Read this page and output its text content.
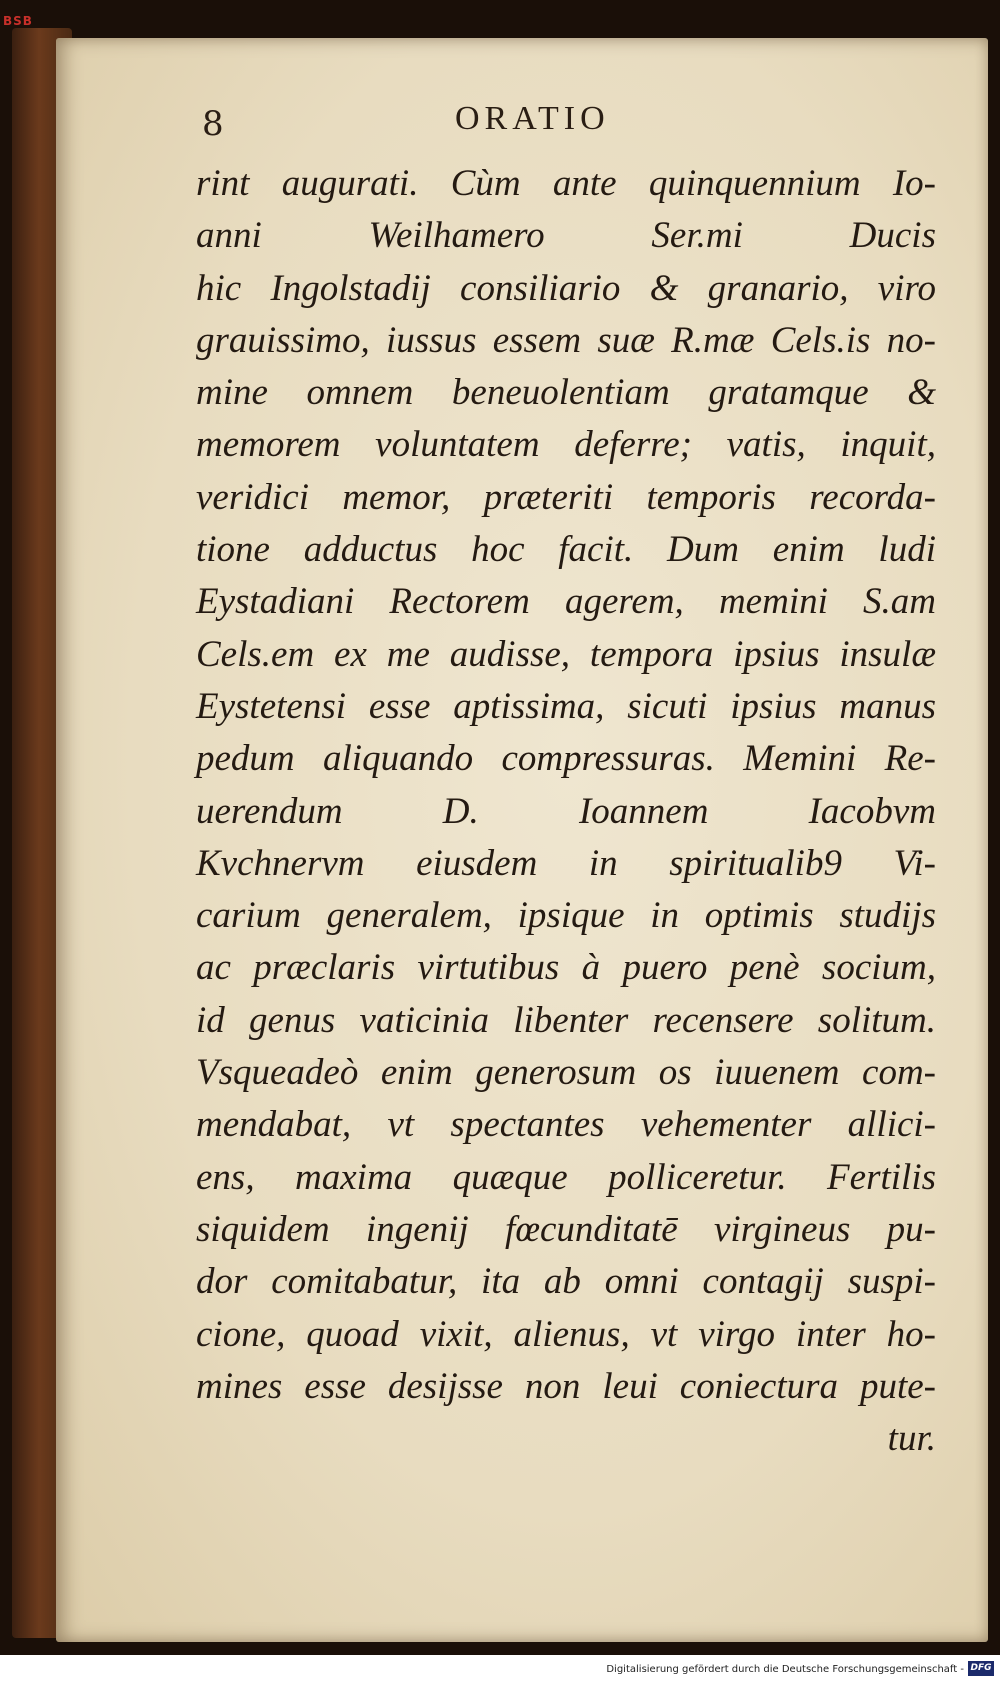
BSB
8	ORATIO
rint augurati. Cùm ante quinquennium Io-
anni Weilhamero Ser.mi Ducis
hic Ingolstadij consiliario & granario, viro
grauissimo, iussus essem suæ R.mæ Cels.is no-
mine omnem beneuolentiam gratamque &
memorem voluntatem deferre; vatis, inquit,
veridici memor, præteriti temporis recorda-
tione adductus hoc facit. Dum enim ludi
Eystadiani Rectorem agerem, memini S.am
Cels.em ex me audisse, tempora ipsius insulæ
Eystetensi esse aptissima, sicuti ipsius manus
pedum aliquando compressuras. Memini Re-
uerendum D. Ioannem Iacobvm
Kvchnervm eiusdem in spiritualib9 Vi-
carium generalem, ipsique in optimis studijs
ac præclaris virtutibus à puero penè socium,
id genus vaticinia libenter recensere solitum.
Vsqueadeò enim generosum os iuuenem com-
mendabat, vt spectantes vehementer allici-
ens, maxima quæque polliceretur. Fertilis
siquidem ingenij fœcunditatē virgineus pu-
dor comitabatur, ita ab omni contagij suspi-
cione, quoad vixit, alienus, vt virgo inter ho-
mines esse desijsse non leui coniectura pute-
tur.
Digitalisierung gefördert durch die Deutsche Forschungsgemeinschaft - DFG
